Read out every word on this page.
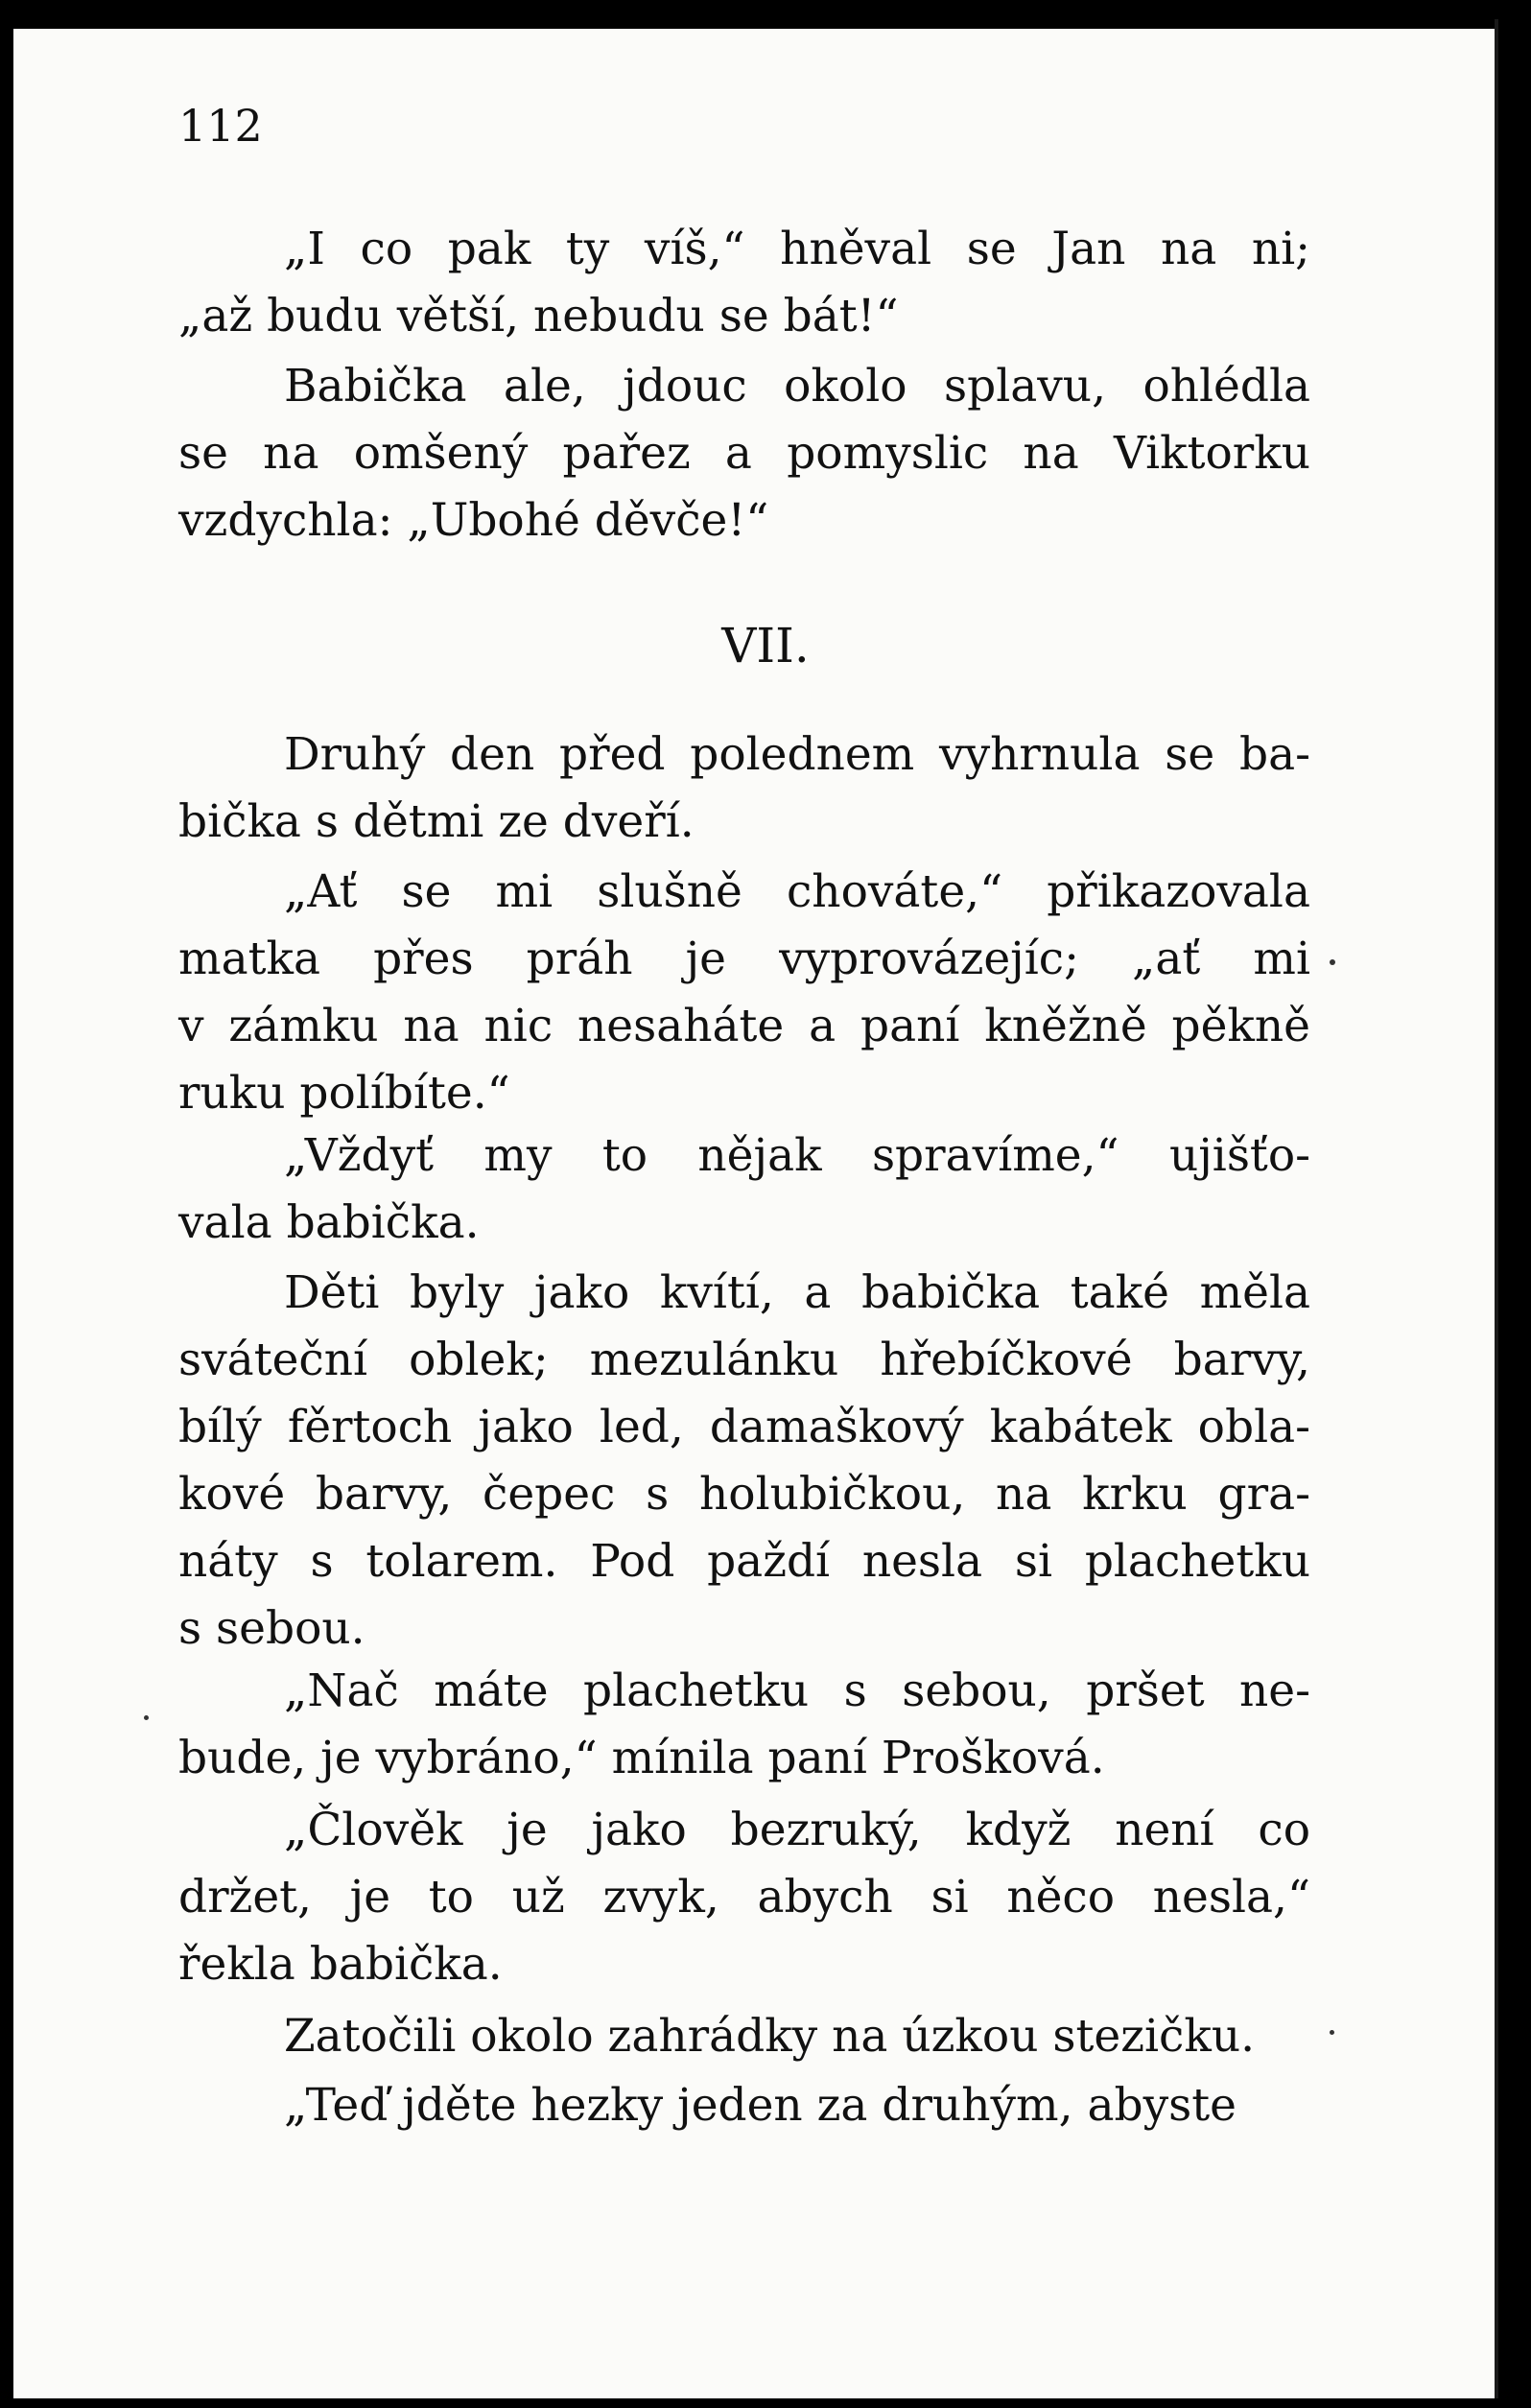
112
VII.
„I co pak ty víš,“ hněval se Jan na ni;
„až budu větší, nebudu se bát!“
Babička ale, jdouc okolo splavu, ohlédla
se na omšený pařez a pomyslic na Viktorku
vzdychla: „Ubohé děvče!“
Druhý den před polednem vyhrnula se ba-
bička s dětmi ze dveří.
„Ať se mi slušně chováte,“ přikazovala
matka přes práh je vyprovázejíc; „ať mi
v zámku na nic nesaháte a paní kněžně pěkně
ruku políbíte.“
„Vždyť my to nějak spravíme,“ ujišťo-
vala babička.
Děti byly jako kvítí, a babička také měla
sváteční oblek; mezulánku hřebíčkové barvy,
bílý fěrtoch jako led, damaškový kabátek obla-
kové barvy, čepec s holubičkou, na krku gra-
náty s tolarem. Pod paždí nesla si plachetku
s sebou.
„Nač máte plachetku s sebou, pršet ne-
bude, je vybráno,“ mínila paní Prošková.
„Člověk je jako bezruký, když není co
držet, je to už zvyk, abych si něco nesla,“
řekla babička.
Zatočili okolo zahrádky na úzkou stezičku.
„Teď jděte hezky jeden za druhým, abyste
